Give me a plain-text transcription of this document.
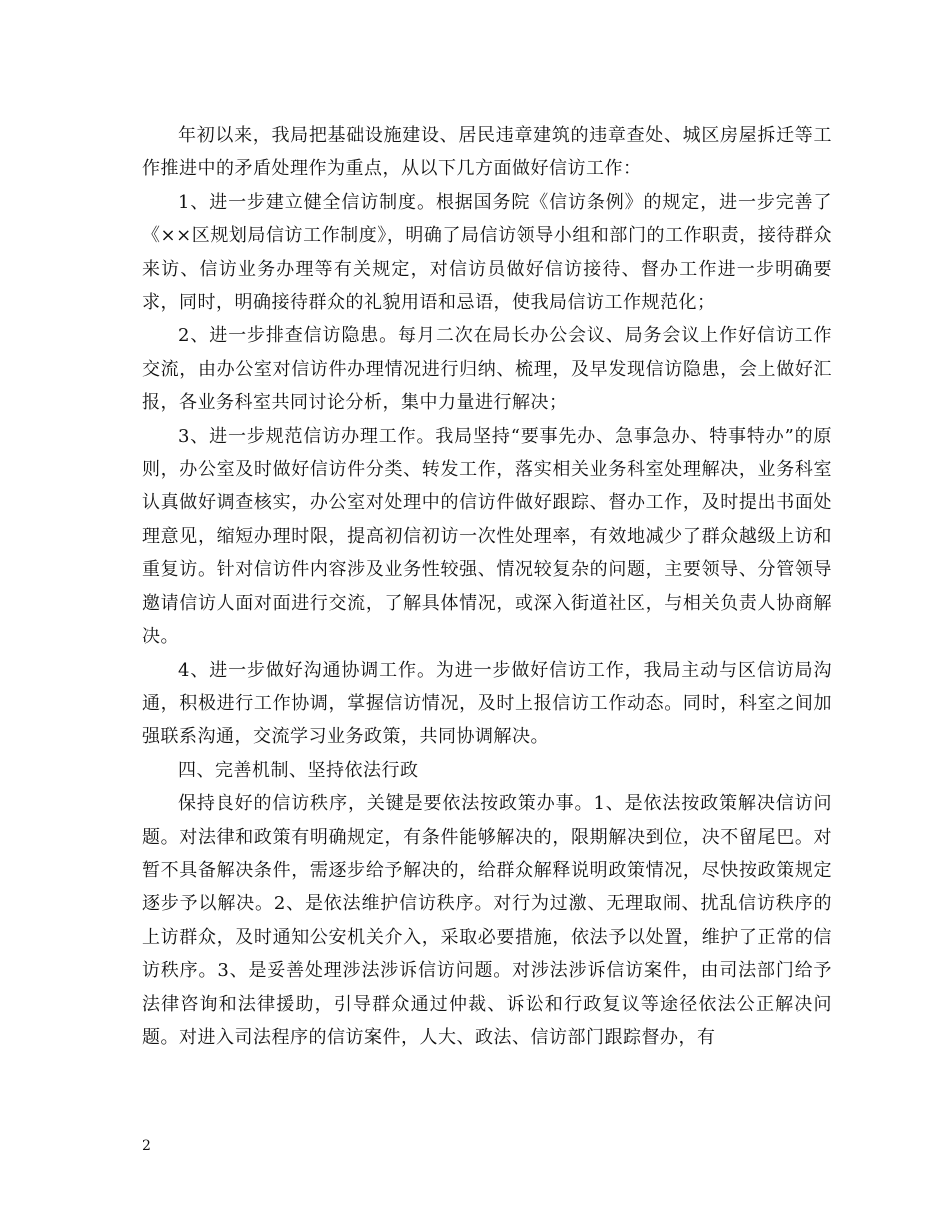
年初以来，我局把基础设施建设、居民违章建筑的违章查处、城区房屋拆迁等工作推进中的矛盾处理作为重点，从以下几方面做好信访工作：

1、进一步建立健全信访制度。根据国务院《信访条例》的规定，进一步完善了《××区规划局信访工作制度》，明确了局信访领导小组和部门的工作职责，接待群众来访、信访业务办理等有关规定，对信访员做好信访接待、督办工作进一步明确要求，同时，明确接待群众的礼貌用语和忌语，使我局信访工作规范化；

2、进一步排查信访隐患。每月二次在局长办公会议、局务会议上作好信访工作交流，由办公室对信访件办理情况进行归纳、梳理，及早发现信访隐患，会上做好汇报，各业务科室共同讨论分析，集中力量进行解决；

3、进一步规范信访办理工作。我局坚持“要事先办、急事急办、特事特办”的原则，办公室及时做好信访件分类、转发工作，落实相关业务科室处理解决，业务科室认真做好调查核实，办公室对处理中的信访件做好跟踪、督办工作，及时提出书面处理意见，缩短办理时限，提高初信初访一次性处理率，有效地减少了群众越级上访和重复访。针对信访件内容涉及业务性较强、情况较复杂的问题，主要领导、分管领导邀请信访人面对面进行交流，了解具体情况，或深入街道社区，与相关负责人协商解决。

4、进一步做好沟通协调工作。为进一步做好信访工作，我局主动与区信访局沟通，积极进行工作协调，掌握信访情况，及时上报信访工作动态。同时，科室之间加强联系沟通，交流学习业务政策，共同协调解决。

四、完善机制、坚持依法行政

保持良好的信访秩序，关键是要依法按政策办事。1、是依法按政策解决信访问题。对法律和政策有明确规定，有条件能够解决的，限期解决到位，决不留尾巴。对暂不具备解决条件，需逐步给予解决的，给群众解释说明政策情况，尽快按政策规定逐步予以解决。2、是依法维护信访秩序。对行为过激、无理取闹、扰乱信访秩序的上访群众，及时通知公安机关介入，采取必要措施，依法予以处置，维护了正常的信访秩序。3、是妥善处理涉法涉诉信访问题。对涉法涉诉信访案件，由司法部门给予法律咨询和法律援助，引导群众通过仲裁、诉讼和行政复议等途径依法公正解决问题。对进入司法程序的信访案件，人大、政法、信访部门跟踪督办，有

2
